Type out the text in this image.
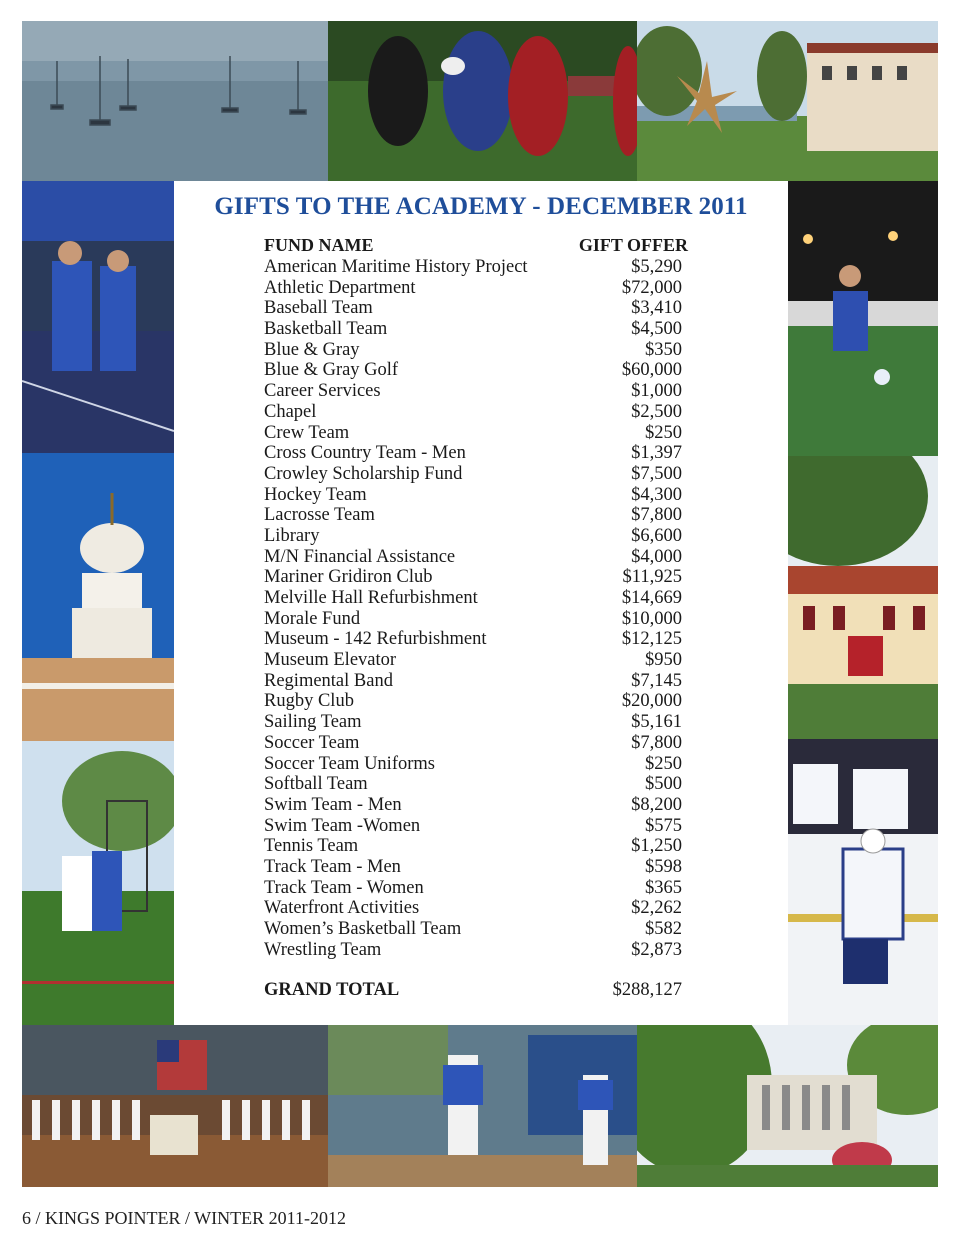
GIFTS TO THE ACADEMY - DECEMBER 2011
FUND NAME	GIFT OFFER
American Maritime History Project	$5,290
Athletic Department	$72,000
Baseball Team	$3,410
Basketball Team	$4,500
Blue & Gray	$350
Blue & Gray Golf	$60,000
Career Services	$1,000
Chapel	$2,500
Crew Team	$250
Cross Country Team - Men	$1,397
Crowley Scholarship Fund	$7,500
Hockey Team	$4,300
Lacrosse Team	$7,800
Library	$6,600
M/N Financial Assistance	$4,000
Mariner Gridiron Club	$11,925
Melville Hall Refurbishment	$14,669
Morale Fund	$10,000
Museum - 142 Refurbishment	$12,125
Museum Elevator	$950
Regimental Band	$7,145
Rugby Club	$20,000
Sailing Team	$5,161
Soccer Team	$7,800
Soccer Team Uniforms	$250
Softball Team	$500
Swim Team - Men	$8,200
Swim Team -Women	$575
Tennis Team	$1,250
Track Team - Men	$598
Track Team - Women	$365
Waterfront Activities	$2,262
Women’s Basketball Team	$582
Wrestling Team	$2,873
GRAND TOTAL	$288,127
6 / KINGS POINTER / WINTER 2011-2012
